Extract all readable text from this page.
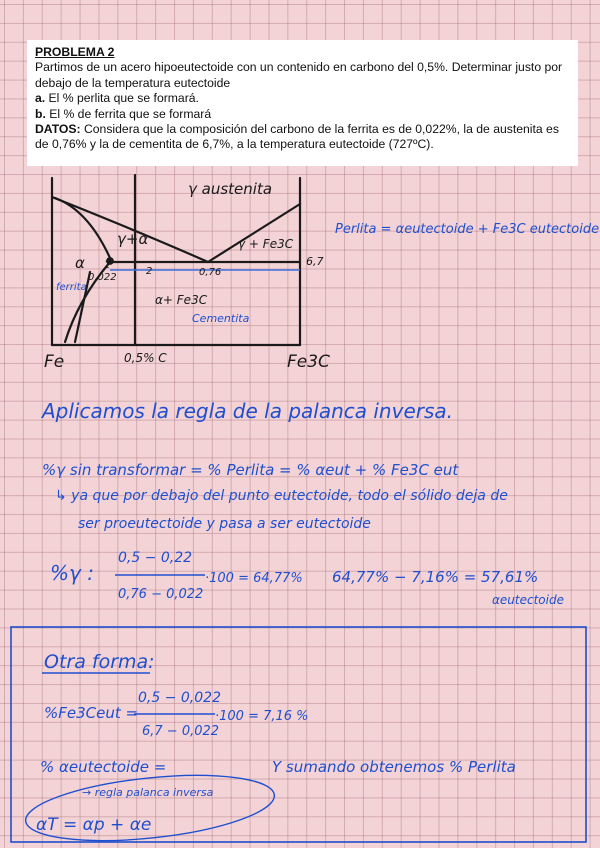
PROBLEMA 2
Partimos de un acero hipoeutectoide con un contenido en carbono del 0,5%. Determinar justo por debajo de la temperatura eutectoide
a. El % perlita que se formará.
b. El % de ferrita que se formará
DATOS: Considera que la composición del carbono de la ferrita es de 0,022%, la de austenita es de 0,76% y la de cementita de 6,7%, a la temperatura eutectoide (727ºC).
γ austenita
γ+α	γ + Fe3C
α
ferrita
0,022
1
2	0,76
6,7
α+ Fe3C
Cementita
Fe	0,5% C	Fe3C
Perlita = αeutectoide + Fe3C eutectoide
Aplicamos la regla de la palanca inversa.
%γ sin transformar = % Perlita = % αeut + % Fe3C eut
↳ ya que por debajo del punto eutectoide, todo el sólido deja de
ser proeutectoide y pasa a ser eutectoide
%γ :
0,5 − 0,22
0,76 − 0,022
·100 = 64,77% 64,77% − 7,16% = 57,61%
αeutectoide
Otra forma:
%Fe3Ceut =
0,5 − 0,022
6,7 − 0,022
·100 = 7,16 %
% αeutectoide =	Y sumando obtenemos % Perlita
→ regla palanca inversa
αT = αp + αe
